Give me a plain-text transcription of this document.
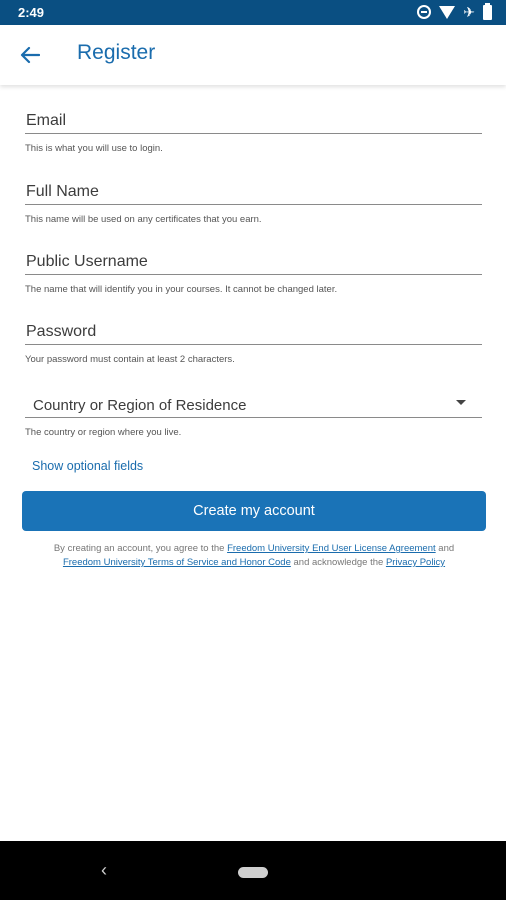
2:49	✈
Register
Email
This is what you will use to login.
Full Name
This name will be used on any certificates that you earn.
Public Username
The name that will identify you in your courses. It cannot be changed later.
Password
Your password must contain at least 2 characters.
Country or Region of Residence
The country or region where you live.
Show optional fields
Create my account
By creating an account, you agree to the Freedom University End User License Agreement and
Freedom University Terms of Service and Honor Code and acknowledge the Privacy Policy
‹
